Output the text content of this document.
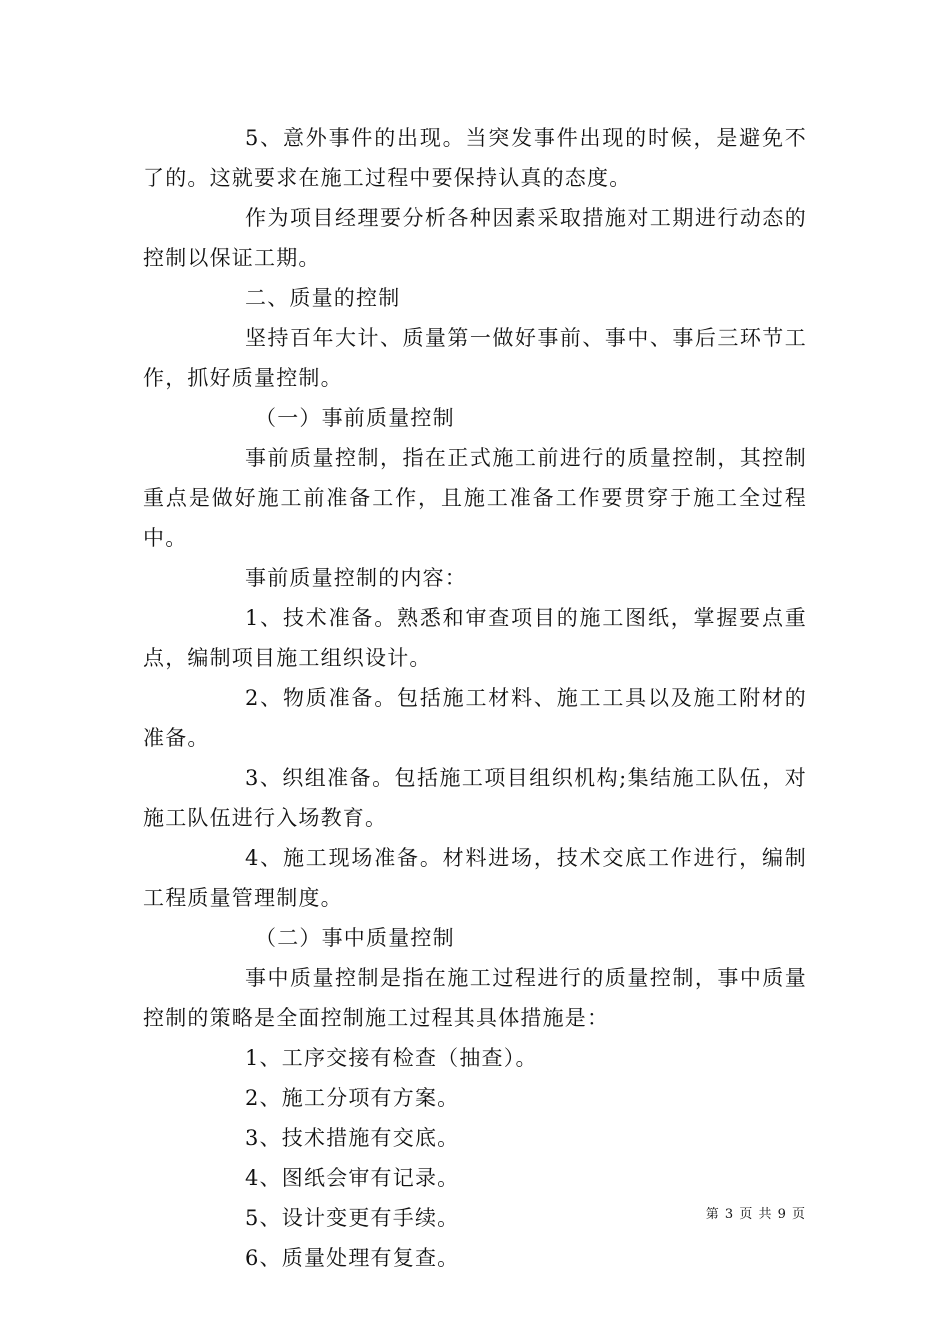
5、意外事件的出现。当突发事件出现的时候，是避免不了的。这就要求在施工过程中要保持认真的态度。

作为项目经理要分析各种因素采取措施对工期进行动态的控制以保证工期。

二、质量的控制

坚持百年大计、质量第一做好事前、事中、事后三环节工作，抓好质量控制。

（一）事前质量控制

事前质量控制，指在正式施工前进行的质量控制，其控制重点是做好施工前准备工作，且施工准备工作要贯穿于施工全过程中。

事前质量控制的内容：

1、技术准备。熟悉和审查项目的施工图纸，掌握要点重点，编制项目施工组织设计。

2、物质准备。包括施工材料、施工工具以及施工附材的准备。

3、织组准备。包括施工项目组织机构;集结施工队伍，对施工队伍进行入场教育。

4、施工现场准备。材料进场，技术交底工作进行，编制工程质量管理制度。

（二）事中质量控制

事中质量控制是指在施工过程进行的质量控制，事中质量控制的策略是全面控制施工过程其具体措施是：

1、工序交接有检查（抽查）。

2、施工分项有方案。

3、技术措施有交底。

4、图纸会审有记录。

5、设计变更有手续。

6、质量处理有复查。

第 3 页 共 9 页
